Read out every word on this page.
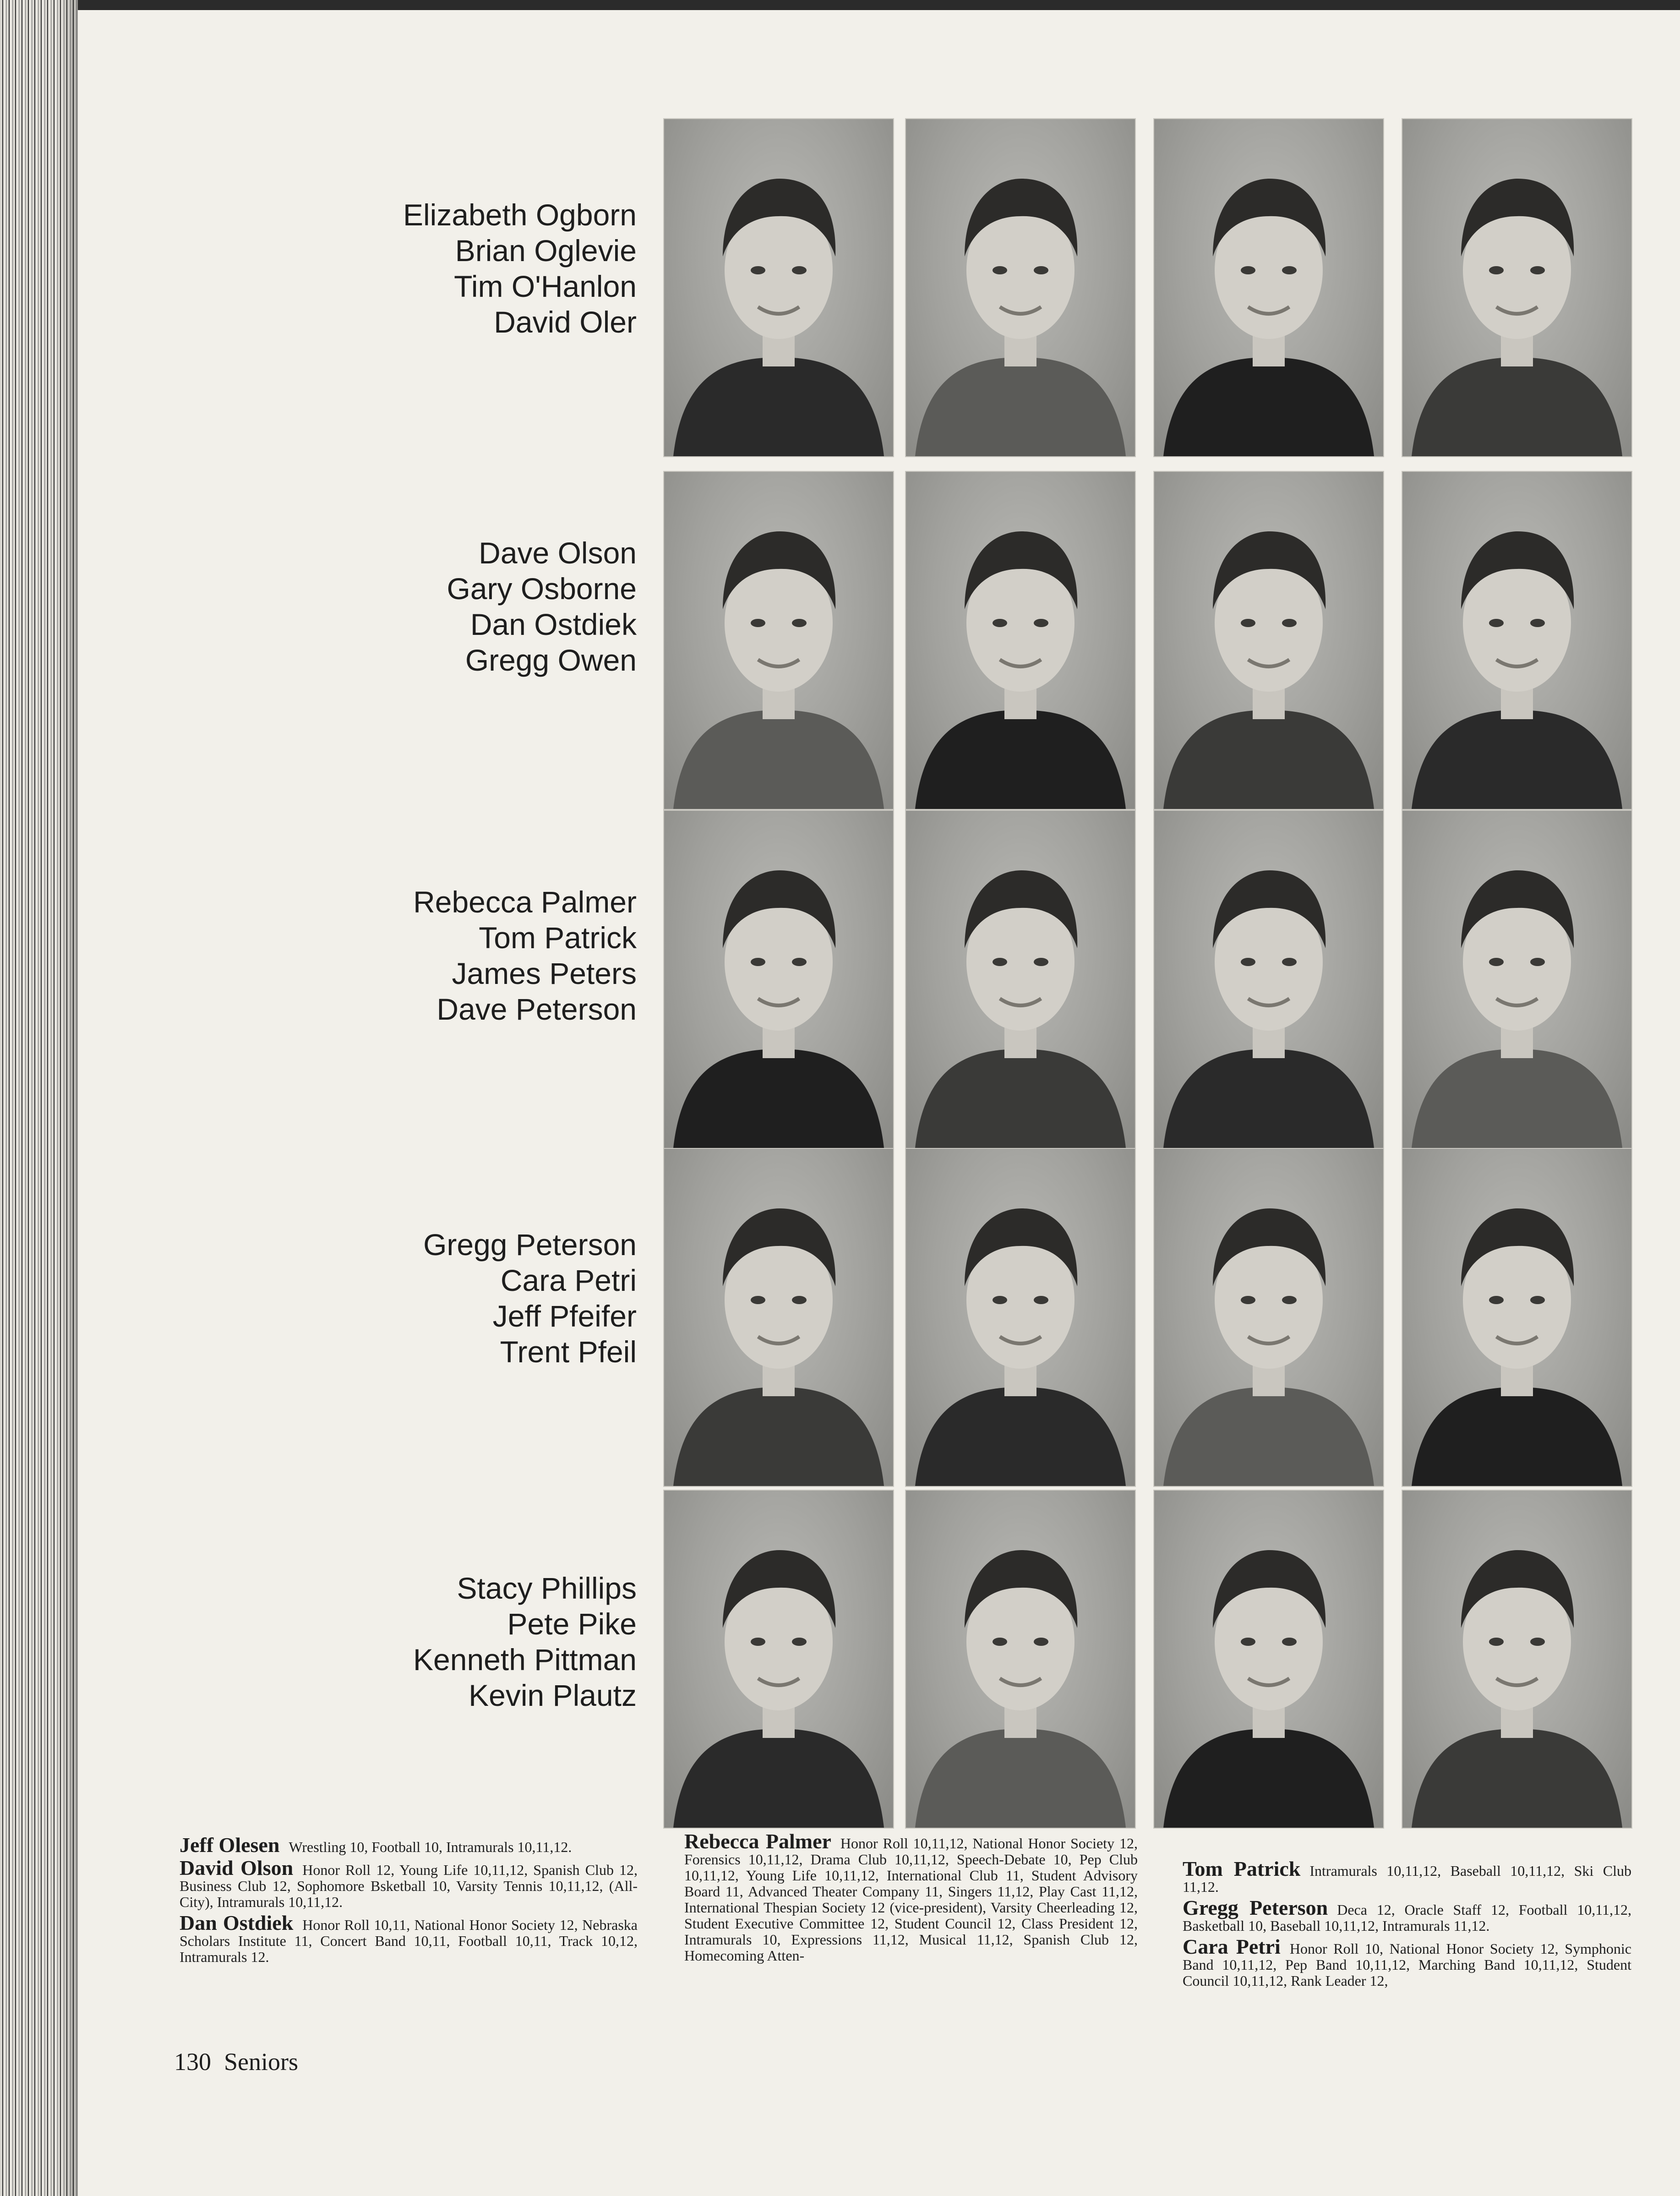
Elizabeth Ogborn
Brian Oglevie
Tim O'Hanlon
David Oler
Dave Olson
Gary Osborne
Dan Ostdiek
Gregg Owen
Rebecca Palmer
Tom Patrick
James Peters
Dave Peterson
Gregg Peterson
Cara Petri
Jeff Pfeifer
Trent Pfeil
Stacy Phillips
Pete Pike
Kenneth Pittman
Kevin Plautz
Jeff Olesen Wrestling 10, Football 10, Intramurals 10,11,12.
David Olson Honor Roll 12, Young Life 10,11,12, Spanish Club 12, Business Club 12, Sophomore Bsketball 10, Varsity Tennis 10,11,12, (All-City), Intramurals 10,11,12.
Dan Ostdiek Honor Roll 10,11, National Honor Society 12, Nebraska Scholars Institute 11, Concert Band 10,11, Football 10,11, Track 10,12, Intramurals 12.
Rebecca Palmer Honor Roll 10,11,12, National Honor Society 12, Forensics 10,11,12, Drama Club 10,11,12, Speech-Debate 10, Pep Club 10,11,12, Young Life 10,11,12, International Club 11, Student Advisory Board 11, Advanced Theater Company 11, Singers 11,12, Play Cast 11,12, International Thespian Society 12 (vice-president), Varsity Cheerleading 12, Student Executive Committee 12, Student Council 12, Class President 12, Intramurals 10, Expressions 11,12, Musical 11,12, Spanish Club 12, Homecoming Atten-
Tom Patrick Intramurals 10,11,12, Baseball 10,11,12, Ski Club 11,12.
Gregg Peterson Deca 12, Oracle Staff 12, Football 10,11,12, Basketball 10, Baseball 10,11,12, Intramurals 11,12.
Cara Petri Honor Roll 10, National Honor Society 12, Symphonic Band 10,11,12, Pep Band 10,11,12, Marching Band 10,11,12, Student Council 10,11,12, Rank Leader 12,
130 Seniors
